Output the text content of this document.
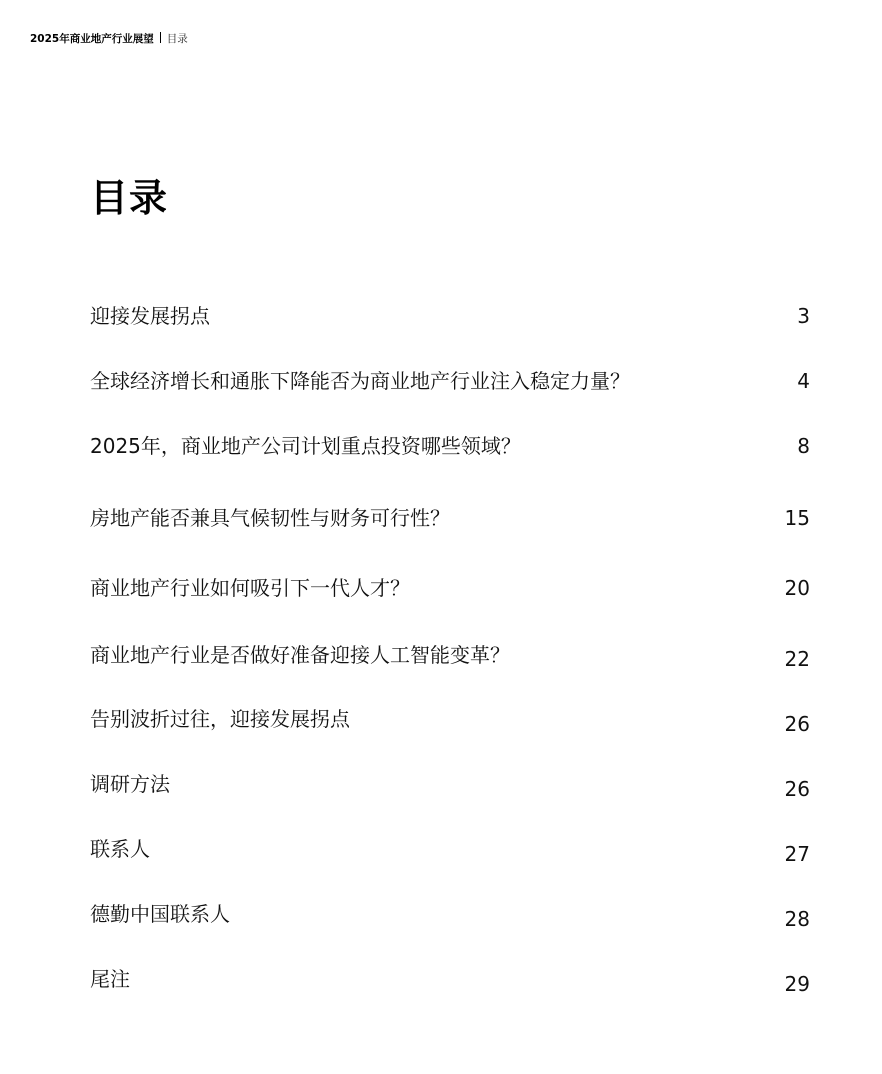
2025年商业地产行业展望 目录
目录
迎接发展拐点	3
全球经济增长和通胀下降能否为商业地产行业注入稳定力量？	4
2025年，商业地产公司计划重点投资哪些领域？	8
房地产能否兼具气候韧性与财务可行性？	15
商业地产行业如何吸引下一代人才？	20
商业地产行业是否做好准备迎接人工智能变革？	22
告别波折过往，迎接发展拐点	26
调研方法	26
联系人	27
德勤中国联系人	28
尾注	29
